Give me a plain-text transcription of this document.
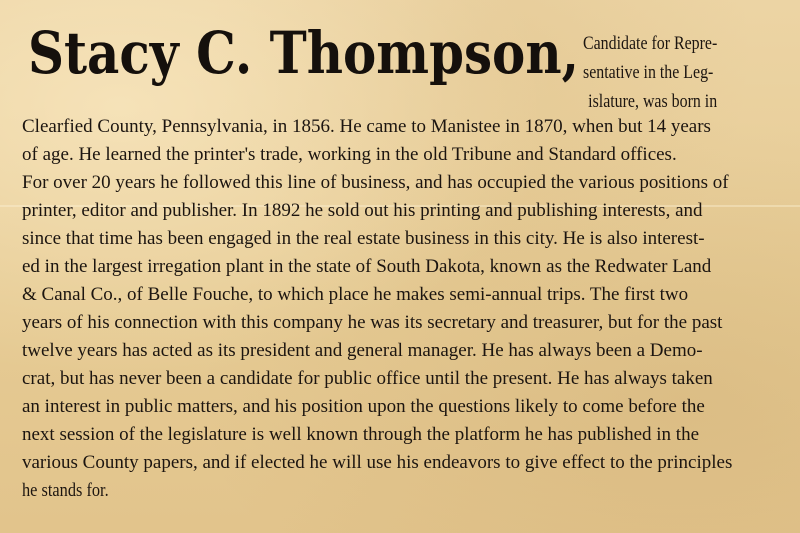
Stacy C. Thompson, Candidate for Repre-
sentative in the Leg-
islature, was born in
Clearfied County, Pennsylvania, in 1856. He came to Manistee in 1870, when but 14 years
of age. He learned the printer's trade, working in the old Tribune and Standard offices.
For over 20 years he followed this line of business, and has occupied the various positions of
printer, editor and publisher. In 1892 he sold out his printing and publishing interests, and
since that time has been engaged in the real estate business in this city. He is also interest-
ed in the largest irregation plant in the state of South Dakota, known as the Redwater Land
& Canal Co., of Belle Fouche, to which place he makes semi-annual trips. The first two
years of his connection with this company he was its secretary and treasurer, but for the past
twelve years has acted as its president and general manager. He has always been a Demo-
crat, but has never been a candidate for public office until the present. He has always taken
an interest in public matters, and his position upon the questions likely to come before the
next session of the legislature is well known through the platform he has published in the
various County papers, and if elected he will use his endeavors to give effect to the principles
he stands for.
